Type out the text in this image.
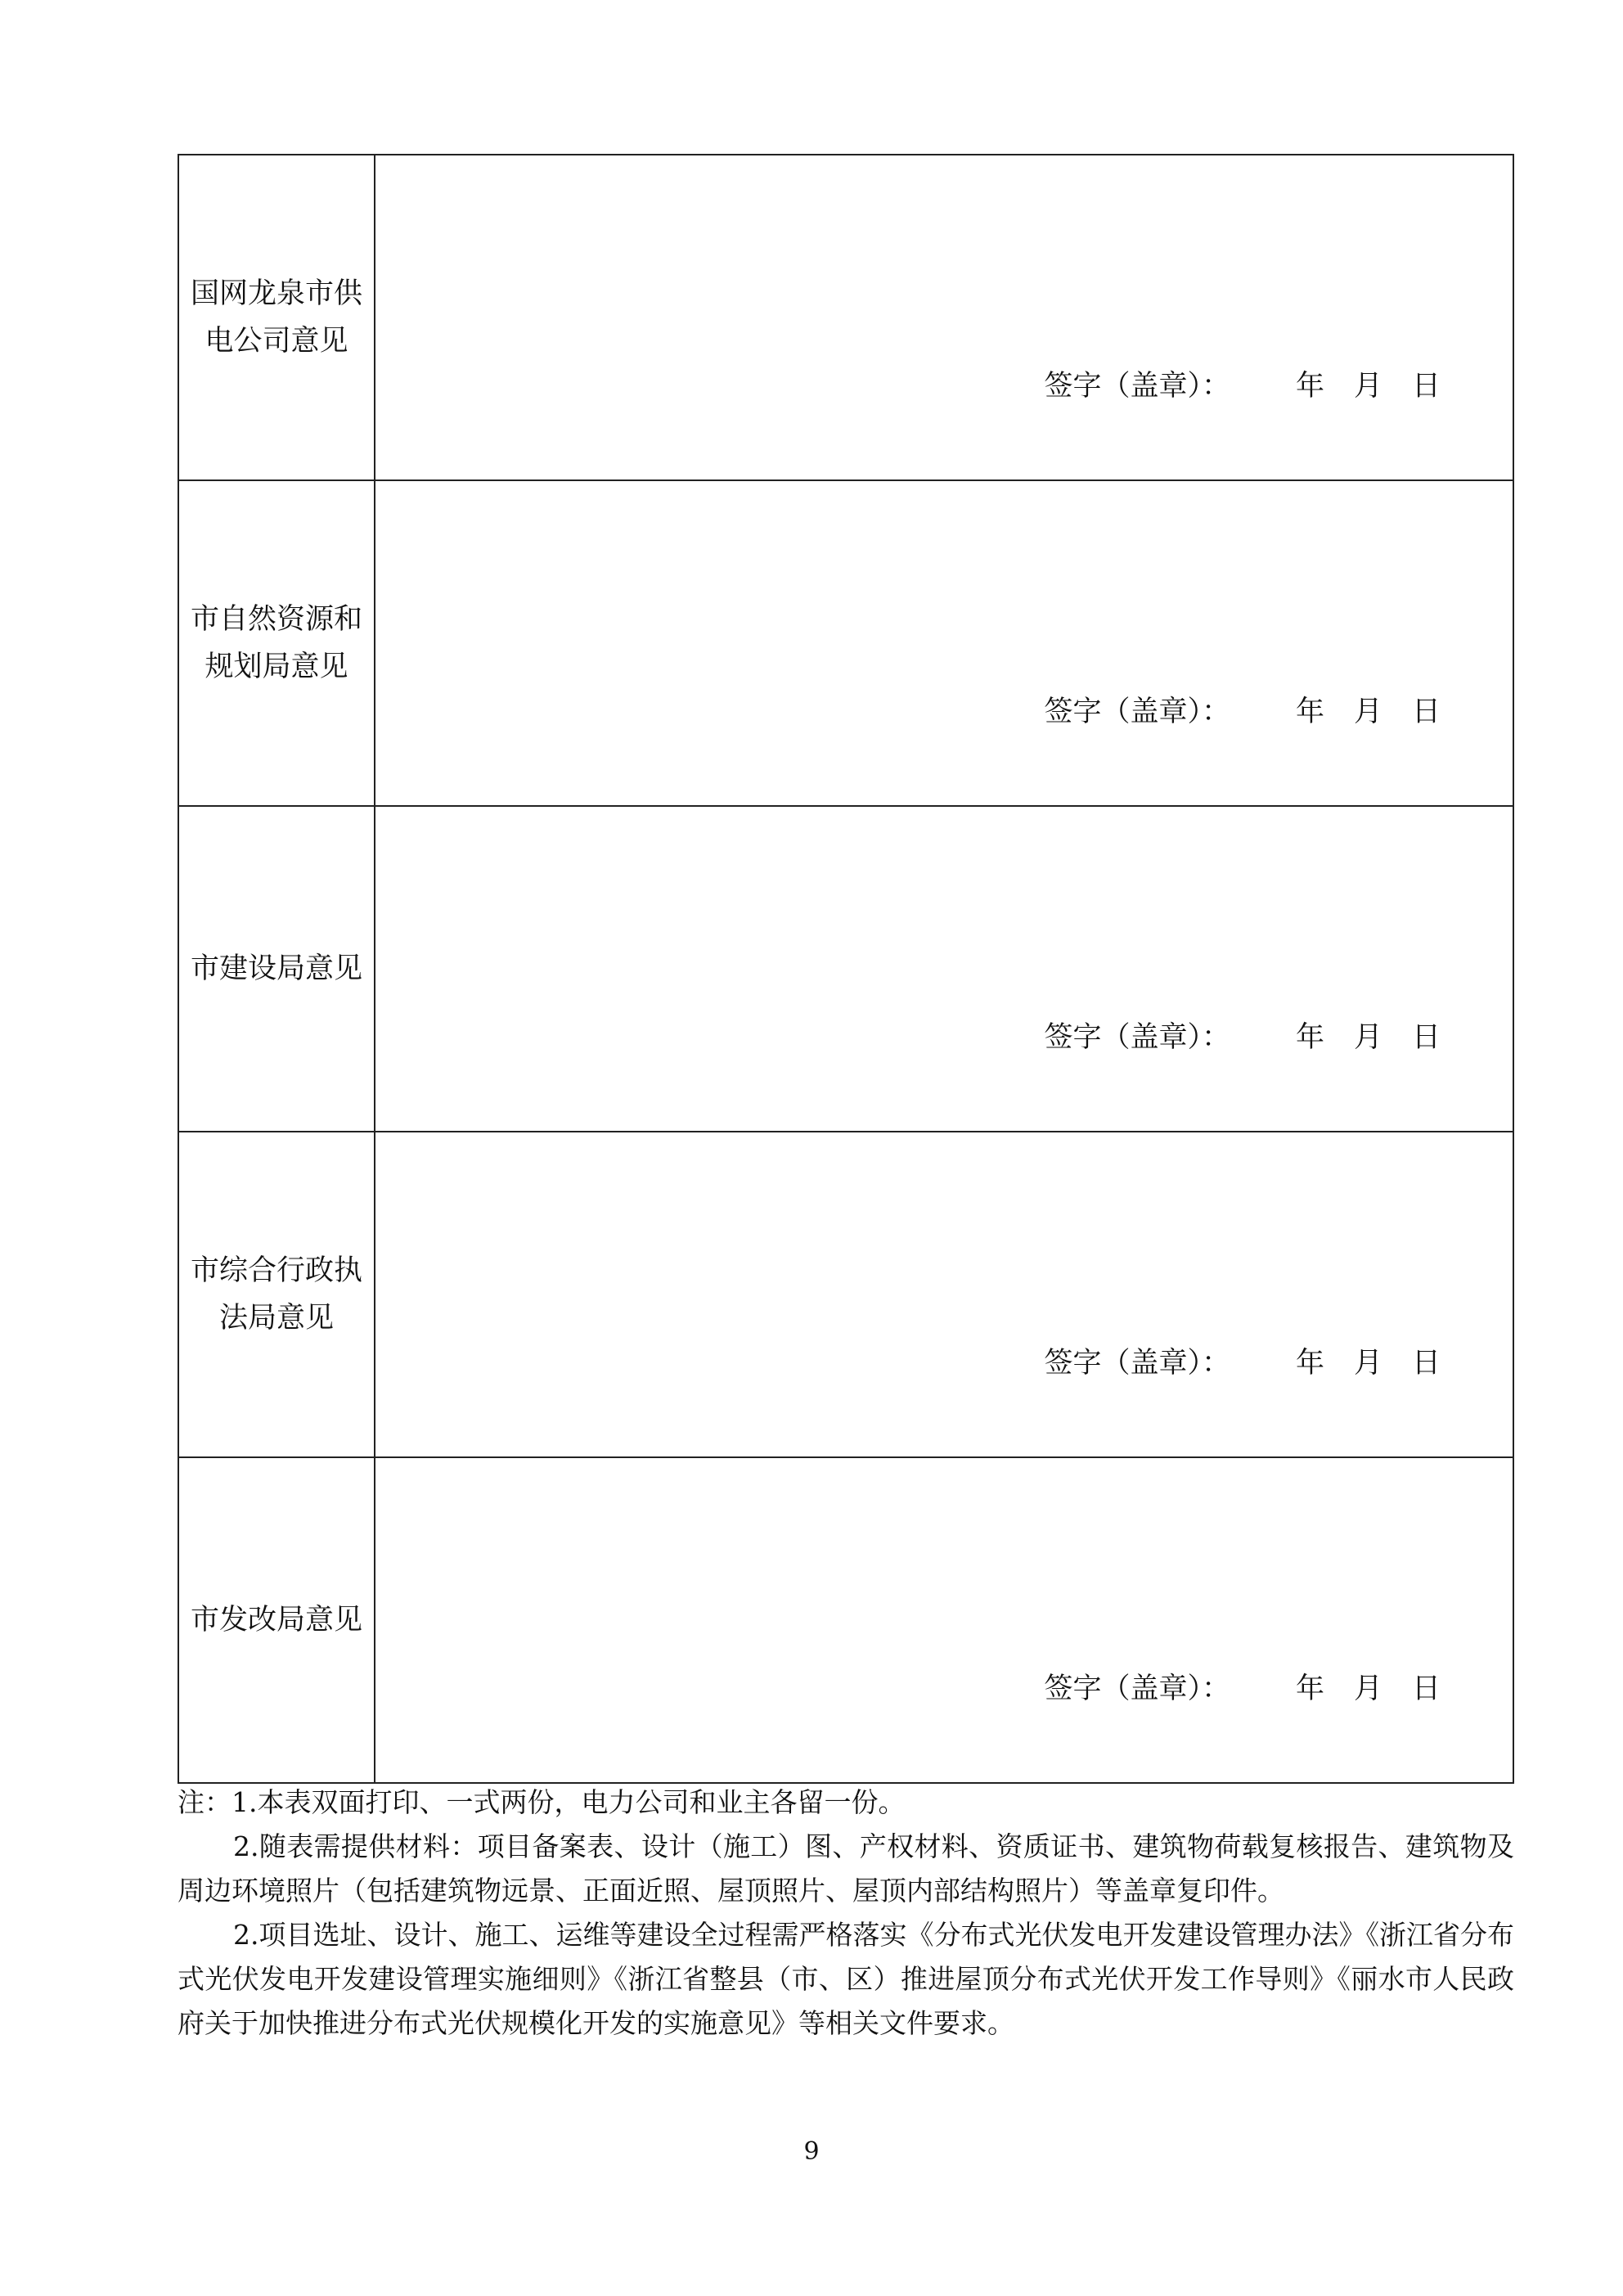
国网龙泉市供电公司意见	签字（盖章）： 年 月 日

市自然资源和规划局意见	签字（盖章）： 年 月 日

市建设局意见	签字（盖章）： 年 月 日

市综合行政执法局意见	签字（盖章）： 年 月 日

市发改局意见	签字（盖章）： 年 月 日

注：1.本表双面打印、一式两份，电力公司和业主各留一份。

2.随表需提供材料：项目备案表、设计（施工）图、产权材料、资质证书、建筑物荷载复核报告、建筑物及周边环境照片（包括建筑物远景、正面近照、屋顶照片、屋顶内部结构照片）等盖章复印件。

2.项目选址、设计、施工、运维等建设全过程需严格落实《分布式光伏发电开发建设管理办法》《浙江省分布式光伏发电开发建设管理实施细则》《浙江省整县（市、区）推进屋顶分布式光伏开发工作导则》《丽水市人民政府关于加快推进分布式光伏规模化开发的实施意见》等相关文件要求。

9
